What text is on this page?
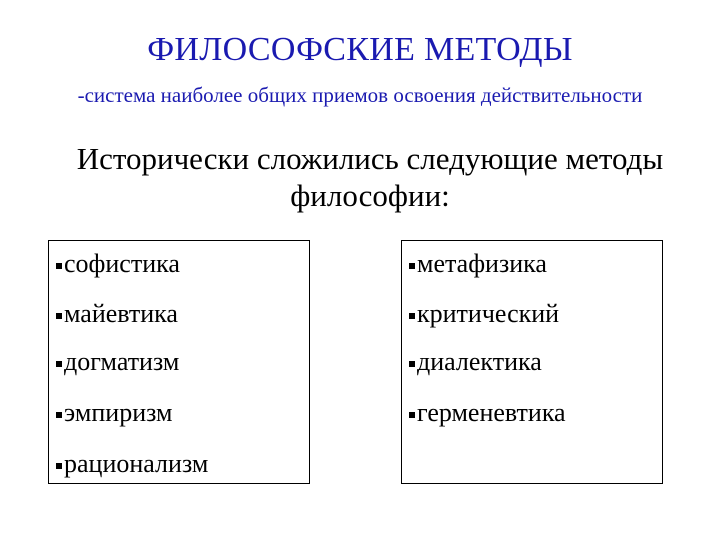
ФИЛОСОФСКИЕ МЕТОДЫ
-система наиболее общих приемов освоения действительности
Исторически сложились следующие методы
философии:
софистика
майевтика
догматизм
эмпиризм
рационализм
метафизика
критический
диалектика
герменевтика
